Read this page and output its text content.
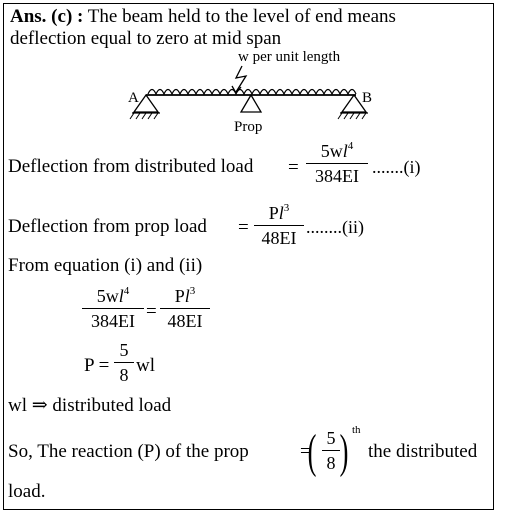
Ans. (c) : The beam held to the level of end means
deflection equal to zero at mid span
w per unit length
A	B
Prop
Deflection from distributed load =
$5wl^4$
384EI .......(i)
Deflection from prop load =
$Pl^3$
48EI
........(ii)
From equation (i) and (ii)
$5wl^4$
384EI =
$Pl^3$
48EI
P =
5
8 wl
wl ⇒ distributed load
So, The reaction (P) of the prop	=
( 5
8 ) th
the distributed
load.
